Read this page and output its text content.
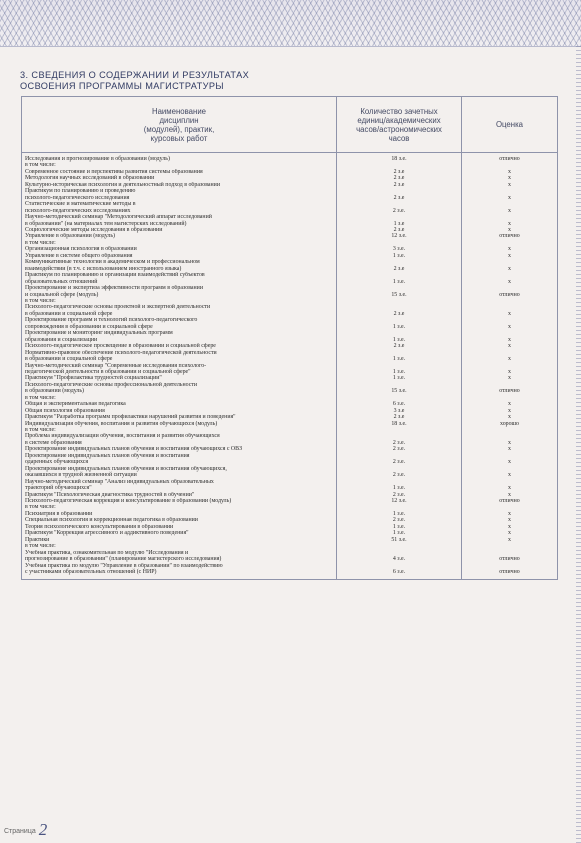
3. СВЕДЕНИЯ О СОДЕРЖАНИИ И РЕЗУЛЬТАТАХ
ОСВОЕНИЯ ПРОГРАММЫ МАГИСТРАТУРЫ
Наименование
дисциплин
(модулей), практик,
курсовых работ	Количество зачетных
единиц/академических
часов/астрономических
часов	Оценка

Исследования и прогнозирование в образовании (модуль)	18 з.е.	отлично

в том числе:		

Современное состояние и перспективы развития системы образования	2 з.е	x

Методология научных исследований в образовании	2 з.е	x

Культурно-историческая психология и деятельностный подход в образовании	2 з.е	x

Практикум по планированию и проведению
психолого-педагогического исследования	2 з.е	x

Статистические и математические методы в
психолого-педагогических исследованиях	2 з.е.	x

Научно-методический семинар "Методологический аппарат исследований
в образовании" (на материалах тем магистерских исследований)	1 з.е	x

Социологические методы исследования в образовании	2 з.е	x

Управление в образовании (модуль)	12 з.е.	отлично

в том числе:		

Организационная психология в образовании	3 з.е.	x

Управление в системе общего образования	1 з.е.	x

Коммуникативные технологии в академическом и профессиональном
взаимодействии (в т.ч. с использованием иностранного языка)	2 з.е	x

Практикум по планированию и организации взаимодействий субъектов
образовательных отношений	1 з.е.	x

Проектирование и экспертиза эффективности программ в образовании
и социальной сфере (модуль)	15 з.е.	отлично

в том числе:		

Психолого-педагогические основы проектной и экспертной деятельности
в образовании и социальной сфере	2 з.е	x

Проектирование программ и технологий психолого-педагогического
сопровождения в образовании и социальной сфере	1 з.е.	x

Проектирование и мониторинг индивидуальных программ
образования и социализации	1 з.е.	x

Психолого-педагогическое просвещение в образовании и социальной сфере	2 з.е	x

Нормативно-правовое обеспечение психолого-педагогической деятельности
в образовании и социальной сфере	1 з.е.	x

Научно-методический семинар "Современные исследования психолого-
педагогической деятельности в образовании и социальной сфере"	1 з.е.	x

Практикум "Профилактика трудностей социализации"	1 з.е.	x

Психолого-педагогические основы профессиональной деятельности
в образовании (модуль)	15 з.е.	отлично

в том числе:		

Общая и экспериментальная педагогика	6 з.е.	x

Общая психология образования	3 з.е	x

Практикум "Разработка программ профилактики нарушений развития и поведения"	2 з.е	x

Индивидуализация обучения, воспитания и развития обучающихся (модуль)	18 з.е.	хорошо

в том числе:		

Проблема индивидуализации обучения, воспитания и развития обучающихся
в системе образования	2 з.е.	x

Проектирование индивидуальных планов обучения и воспитания обучающихся с ОВЗ	2 з.е.	x

Проектирование индивидуальных планов обучения и воспитания
одаренных обучающихся	2 з.е.	x

Проектирование индивидуальных планов обучения и воспитания обучающихся,
оказавшихся в трудной жизненной ситуации	2 з.е.	x

Научно-методический семинар "Анализ индивидуальных образовательных
траекторий обучающихся"	1 з.е.	x

Практикум "Психологическая диагностика трудностей в обучении"	2 з.е.	x

Психолого-педагогическая коррекция и консультирование в образовании (модуль)	12 з.е.	отлично

в том числе:		

Психиатрия в образовании	1 з.е.	x

Специальная психология и коррекционная педагогика в образовании	2 з.е.	x

Теория психологического консультирования в образовании	1 з.е.	x

Практикум "Коррекция агрессивного и аддиктивного поведения"	1 з.е.	x

Практики	51 з.е.	x

в том числе:		

Учебная практика, ознакомительная по модулю "Исследования и
прогнозирование в образовании" (планирование магистерского исследования)	4 з.е.	отлично

Учебная практика по модулю "Управление в образовании" по взаимодействию
с участниками образовательных отношений (с НИР)	6 з.е.	отлично
Страница 2
